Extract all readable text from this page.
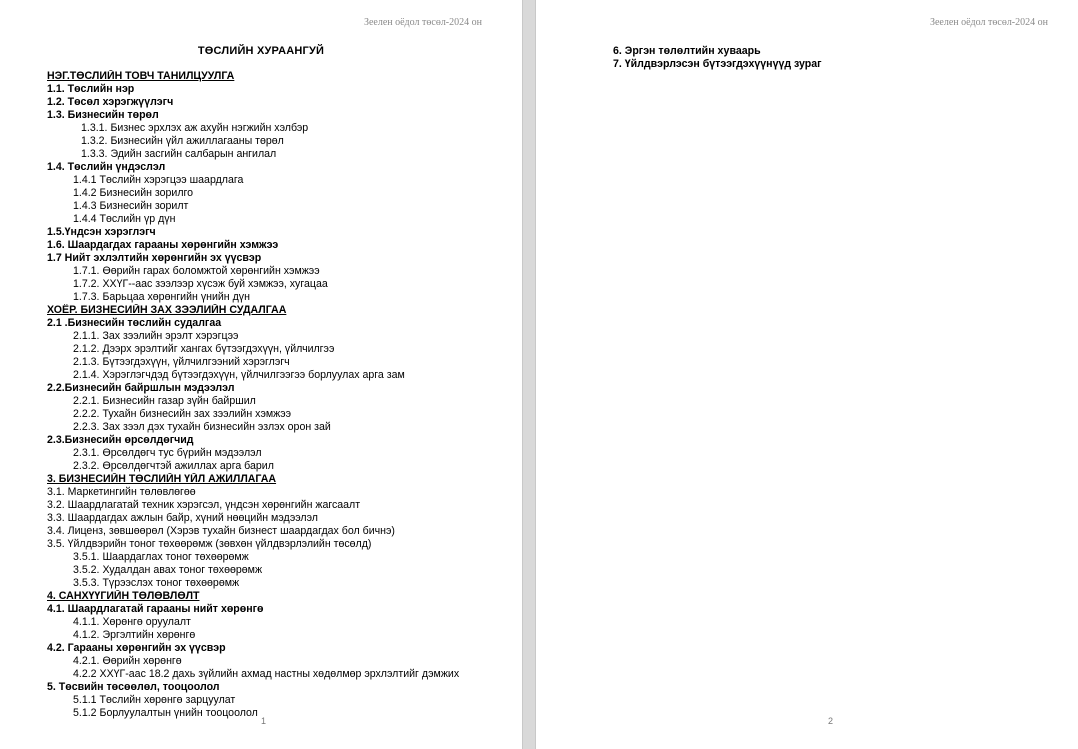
Зеелен оёдол төсөл-2024 он
ТӨСЛИЙН ХУРААНГУЙ
НЭГ.ТӨСЛИЙН ТОВЧ ТАНИЛЦУУЛГА
1.1. Төслийн нэр
1.2. Төсөл хэрэгжүүлэгч
1.3. Бизнесийн төрөл
1.3.1. Бизнес эрхлэх аж ахуйн нэгжийн хэлбэр
1.3.2. Бизнесийн үйл ажиллагааны төрөл
1.3.3. Эдийн засгийн салбарын ангилал
1.4. Төслийн үндэслэл
1.4.1 Төслийн хэрэгцээ шаардлага
1.4.2 Бизнесийн зорилго
1.4.3 Бизнесийн зорилт
1.4.4 Төслийн үр дүн
1.5.Үндсэн хэрэглэгч
1.6. Шаардагдах гарааны хөрөнгийн хэмжээ
1.7 Нийт эхлэлтийн хөрөнгийн эх үүсвэр
1.7.1. Өөрийн гарах боломжтой хөрөнгийн хэмжээ
1.7.2. ХХҮГ--аас зээлээр хүсэж буй хэмжээ, хугацаа
1.7.3. Барьцаа хөрөнгийн үнийн дүн
ХОЁР. БИЗНЕСИЙН ЗАХ ЗЭЭЛИЙН СУДАЛГАА
2.1 .Бизнесийн төслийн судалгаа
2.1.1. Зах зээлийн эрэлт хэрэгцээ
2.1.2. Дээрх эрэлтийг хангах бүтээгдэхүүн, үйлчилгээ
2.1.3. Бүтээгдэхүүн, үйлчилгээний хэрэглэгч
2.1.4. Хэрэглэгчдэд бүтээгдэхүүн, үйлчилгээгээ борлуулах арга зам
2.2.Бизнесийн байршлын мэдээлэл
2.2.1. Бизнесийн газар зүйн байршил
2.2.2. Тухайн бизнесийн зах зээлийн хэмжээ
2.2.3. Зах зээл дэх тухайн бизнесийн эзлэх орон зай
2.3.Бизнесийн өрсөлдөгчид
2.3.1. Өрсөлдөгч тус бүрийн мэдээлэл
2.3.2. Өрсөлдөгчтэй ажиллах арга барил
3. БИЗНЕСИЙН ТӨСЛИЙН ҮЙЛ АЖИЛЛАГАА
3.1. Маркетингийн төлөвлөгөө
3.2. Шаардлагатай техник хэрэгсэл, үндсэн хөрөнгийн жагсаалт
3.3. Шаардагдах ажлын байр, хүний нөөцийн мэдээлэл
3.4. Лиценз, зөвшөөрөл (Хэрэв тухайн бизнест шаардагдах бол бичнэ)
3.5. Үйлдвэрийн тоног төхөөрөмж (зөвхөн үйлдвэрлэлийн төсөлд)
3.5.1. Шаардаглах тоног төхөөрөмж
3.5.2. Худалдан авах тоног төхөөрөмж
3.5.3. Түрээслэх тоног төхөөрөмж
4. САНХҮҮГИЙН ТӨЛӨВЛӨЛТ
4.1. Шаардлагатай гарааны нийт хөрөнгө
4.1.1. Хөрөнгө оруулалт
4.1.2. Эргэлтийн хөрөнгө
4.2. Гарааны хөрөнгийн эх үүсвэр
4.2.1. Өөрийн хөрөнгө
4.2.2 ХХҮГ-аас 18.2 дахь зүйлийн ахмад настны хөдөлмөр эрхлэлтийг дэмжих
5. Төсвийн төсөөлөл, тооцоолол
5.1.1 Төслийн хөрөнгө зарцуулат
5.1.2 Борлуулалтын үнийн тооцоолол
1
Зеелен оёдол төсөл-2024 он
6. Эргэн төлөлтийн хуваарь
7. Үйлдвэрлэсэн бүтээгдэхүүнүүд зураг
2
